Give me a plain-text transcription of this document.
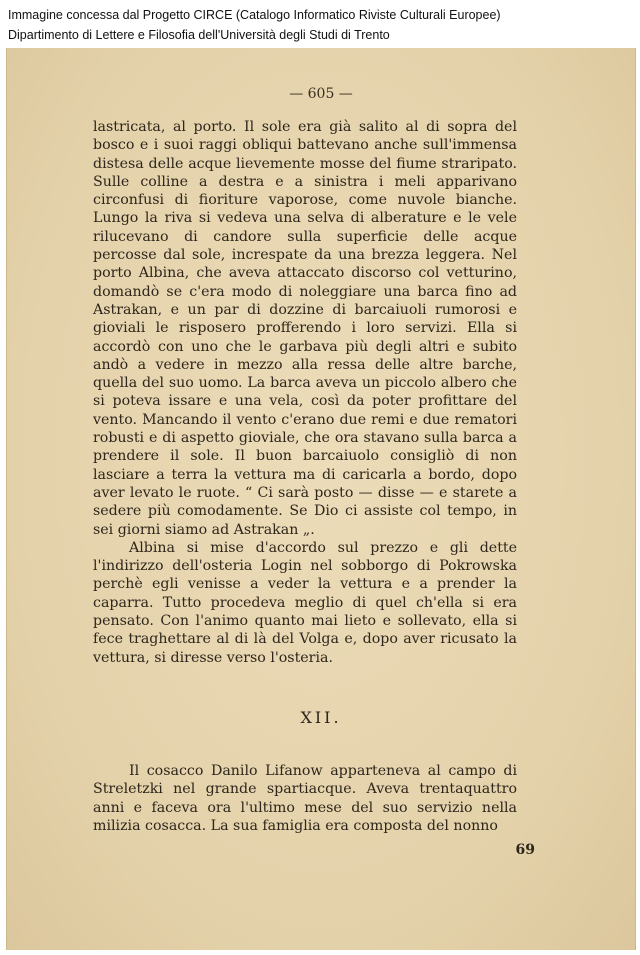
Immagine concessa dal Progetto CIRCE (Catalogo Informatico Riviste Culturali Europee)
Dipartimento di Lettere e Filosofia dell'Università degli Studi di Trento
— 605 —

lastricata, al porto. Il sole era già salito al di sopra del bosco e i suoi raggi obliqui battevano anche sull'immensa distesa delle acque lievemente mosse del fiume straripato. Sulle colline a destra e a sinistra i meli apparivano circonfusi di fioriture vaporose, come nuvole bianche. Lungo la riva si vedeva una selva di alberature e le vele rilucevano di candore sulla superficie delle acque percosse dal sole, increspate da una brezza leggera. Nel porto Albina, che aveva attaccato discorso col vetturino, domandò se c'era modo di noleggiare una barca fino ad Astrakan, e un par di dozzine di barcaiuoli rumorosi e gioviali le risposero profferendo i loro servizi. Ella si accordò con uno che le garbava più degli altri e subito andò a vedere in mezzo alla ressa delle altre barche, quella del suo uomo. La barca aveva un piccolo albero che si poteva issare e una vela, così da poter profittare del vento. Mancando il vento c'erano due remi e due rematori robusti e di aspetto gioviale, che ora stavano sulla barca a prendere il sole. Il buon barcaiuolo consigliò di non lasciare a terra la vettura ma di caricarla a bordo, dopo aver levato le ruote. “ Ci sarà posto — disse — e starete a sedere più comodamente. Se Dio ci assiste col tempo, in sei giorni siamo ad Astrakan „.

Albina si mise d'accordo sul prezzo e gli dette l'indirizzo dell'osteria Login nel sobborgo di Pokrowska perchè egli venisse a veder la vettura e a prender la caparra. Tutto procedeva meglio di quel ch'ella si era pensato. Con l'animo quanto mai lieto e sollevato, ella si fece traghettare al di là del Volga e, dopo aver ricusato la vettura, si diresse verso l'osteria.

XII.

Il cosacco Danilo Lifanow apparteneva al campo di Streletzki nel grande spartiacque. Aveva trentaquattro anni e faceva ora l'ultimo mese del suo servizio nella milizia cosacca. La sua famiglia era composta del nonno

69
